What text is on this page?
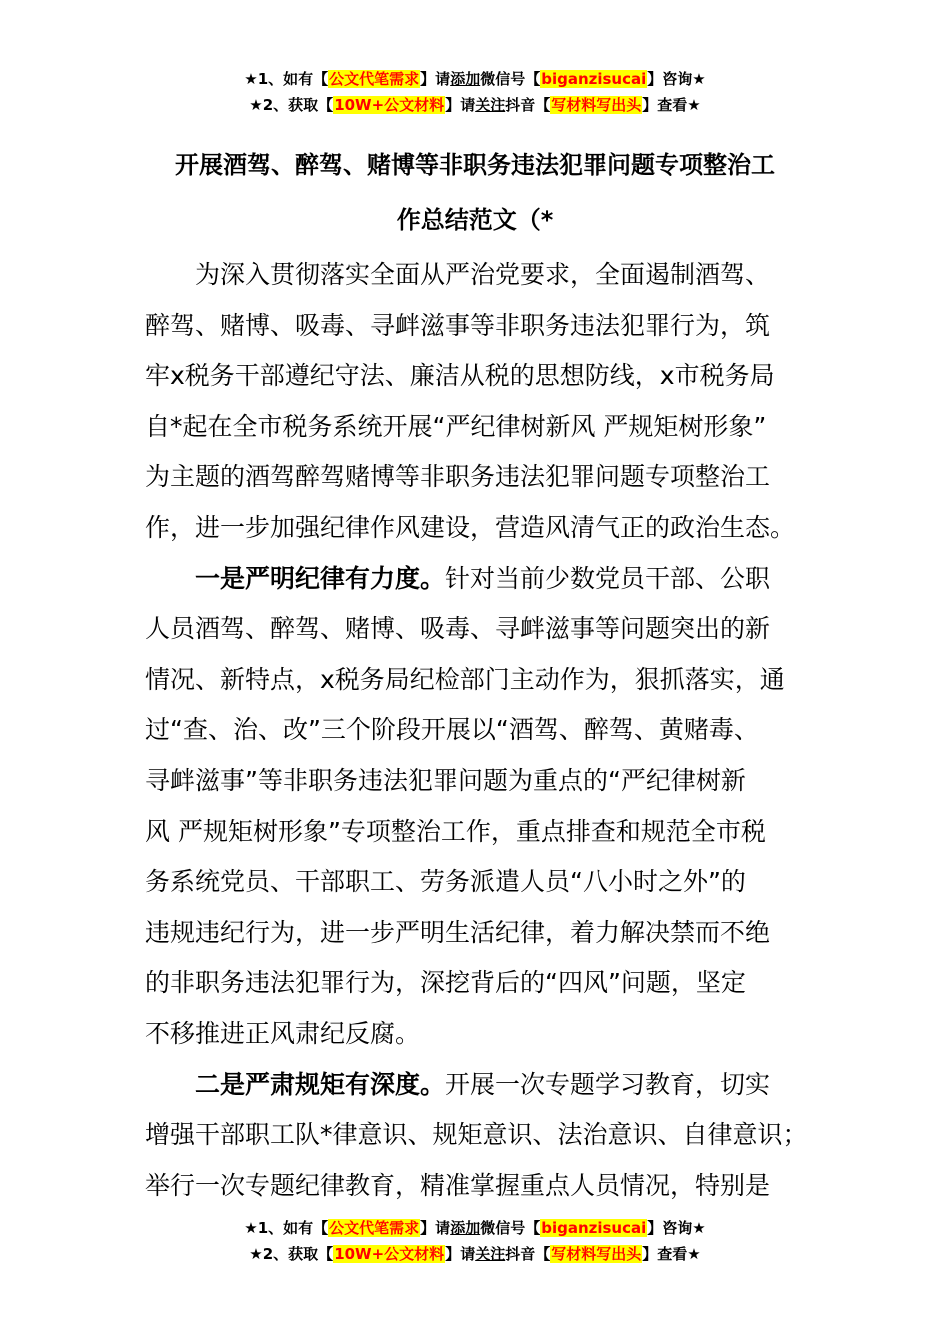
★1、如有【公文代笔需求】请添加微信号【biganzisucai】咨询★
★2、获取【10W+公文材料】请关注抖音【写材料写出头】查看★
开展酒驾、醉驾、赌博等非职务违法犯罪问题专项整治工
作总结范文（*
为深入贯彻落实全面从严治党要求，全面遏制酒驾、
醉驾、赌博、吸毒、寻衅滋事等非职务违法犯罪行为，筑
牢x税务干部遵纪守法、廉洁从税的思想防线，x市税务局
自*起在全市税务系统开展“严纪律树新风 严规矩树形象”
为主题的酒驾醉驾赌博等非职务违法犯罪问题专项整治工
作，进一步加强纪律作风建设，营造风清气正的政治生态。
一是严明纪律有力度。针对当前少数党员干部、公职
人员酒驾、醉驾、赌博、吸毒、寻衅滋事等问题突出的新
情况、新特点，x税务局纪检部门主动作为，狠抓落实，通
过“查、治、改”三个阶段开展以“酒驾、醉驾、黄赌毒、
寻衅滋事”等非职务违法犯罪问题为重点的“严纪律树新
风 严规矩树形象”专项整治工作，重点排查和规范全市税
务系统党员、干部职工、劳务派遣人员“八小时之外”的
违规违纪行为，进一步严明生活纪律，着力解决禁而不绝
的非职务违法犯罪行为，深挖背后的“四风”问题，坚定
不移推进正风肃纪反腐。
二是严肃规矩有深度。开展一次专题学习教育，切实
增强干部职工队*律意识、规矩意识、法治意识、自律意识；
举行一次专题纪律教育，精准掌握重点人员情况，特别是
★1、如有【公文代笔需求】请添加微信号【biganzisucai】咨询★
★2、获取【10W+公文材料】请关注抖音【写材料写出头】查看★
